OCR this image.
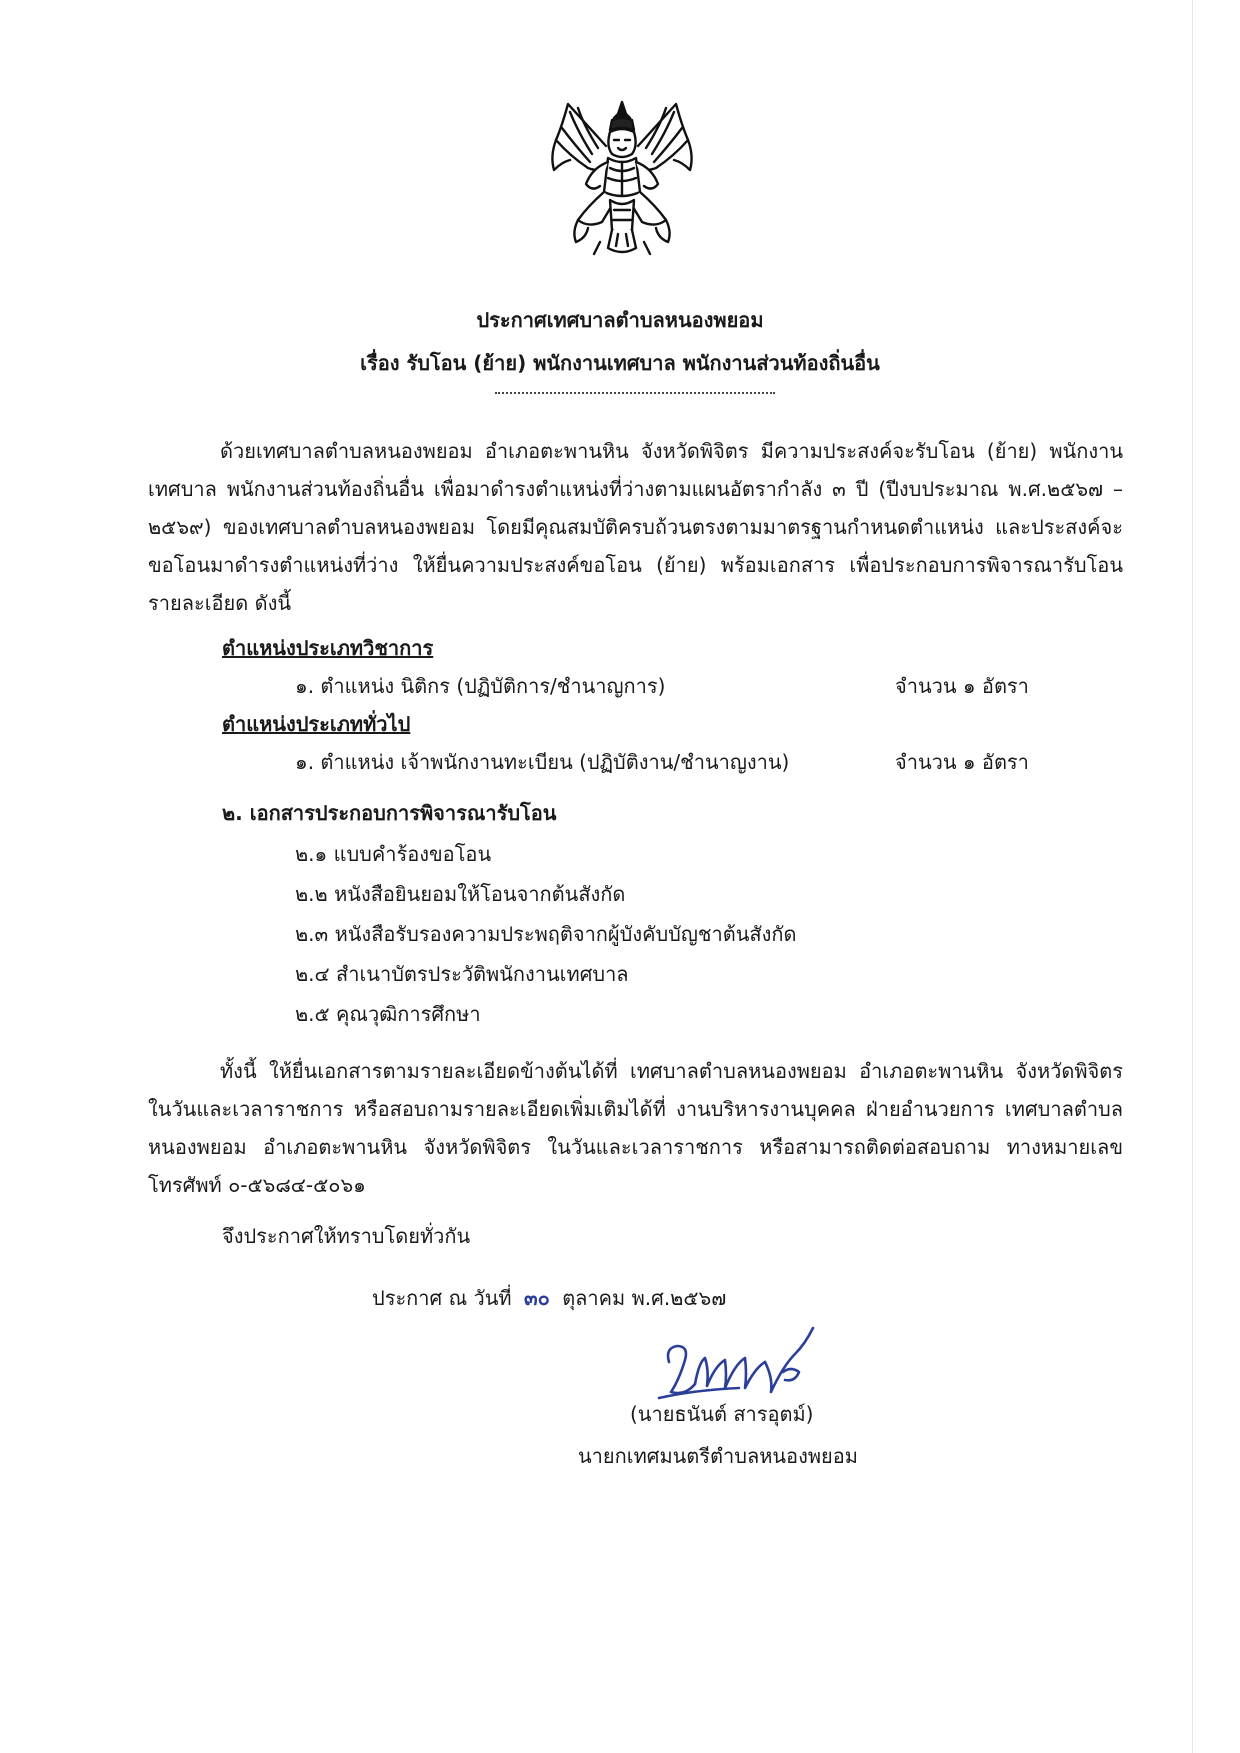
ประกาศเทศบาลตำบลหนองพยอม
เรื่อง รับโอน (ย้าย) พนักงานเทศบาล พนักงานส่วนท้องถิ่นอื่น
ด้วยเทศบาลตำบลหนองพยอม อำเภอตะพานหิน จังหวัดพิจิตร มีความประสงค์จะรับโอน (ย้าย) พนักงานเทศบาล พนักงานส่วนท้องถิ่นอื่น เพื่อมาดำรงตำแหน่งที่ว่างตามแผนอัตรากำลัง ๓ ปี (ปีงบประมาณ พ.ศ.๒๕๖๗ – ๒๕๖๙) ของเทศบาลตำบลหนองพยอม โดยมีคุณสมบัติครบถ้วนตรงตามมาตรฐานกำหนดตำแหน่ง และประสงค์จะขอโอนมาดำรงตำแหน่งที่ว่าง ให้ยื่นความประสงค์ขอโอน (ย้าย) พร้อมเอกสาร เพื่อประกอบการพิจารณารับโอน รายละเอียด ดังนี้
ตำแหน่งประเภทวิชาการ
๑. ตำแหน่ง นิติกร (ปฏิบัติการ/ชำนาญการ)	จำนวน ๑ อัตรา
ตำแหน่งประเภททั่วไป
๑. ตำแหน่ง เจ้าพนักงานทะเบียน (ปฏิบัติงาน/ชำนาญงาน)	จำนวน ๑ อัตรา
๒. เอกสารประกอบการพิจารณารับโอน
๒.๑ แบบคำร้องขอโอน
๒.๒ หนังสือยินยอมให้โอนจากต้นสังกัด
๒.๓ หนังสือรับรองความประพฤติจากผู้บังคับบัญชาต้นสังกัด
๒.๔ สำเนาบัตรประวัติพนักงานเทศบาล
๒.๕ คุณวุฒิการศึกษา
ทั้งนี้ ให้ยื่นเอกสารตามรายละเอียดข้างต้นได้ที่ เทศบาลตำบลหนองพยอม อำเภอตะพานหิน จังหวัดพิจิตร ในวันและเวลาราชการ หรือสอบถามรายละเอียดเพิ่มเติมได้ที่ งานบริหารงานบุคคล ฝ่ายอำนวยการ เทศบาลตำบลหนองพยอม อำเภอตะพานหิน จังหวัดพิจิตร ในวันและเวลาราชการ หรือสามารถติดต่อสอบถาม ทางหมายเลขโทรศัพท์ ๐-๕๖๘๔-๕๐๖๑
จึงประกาศให้ทราบโดยทั่วกัน
ประกาศ ณ วันที่ ๓๐ ตุลาคม พ.ศ.๒๕๖๗
(นายธนันต์ สารอุตม์)
นายกเทศมนตรีตำบลหนองพยอม
